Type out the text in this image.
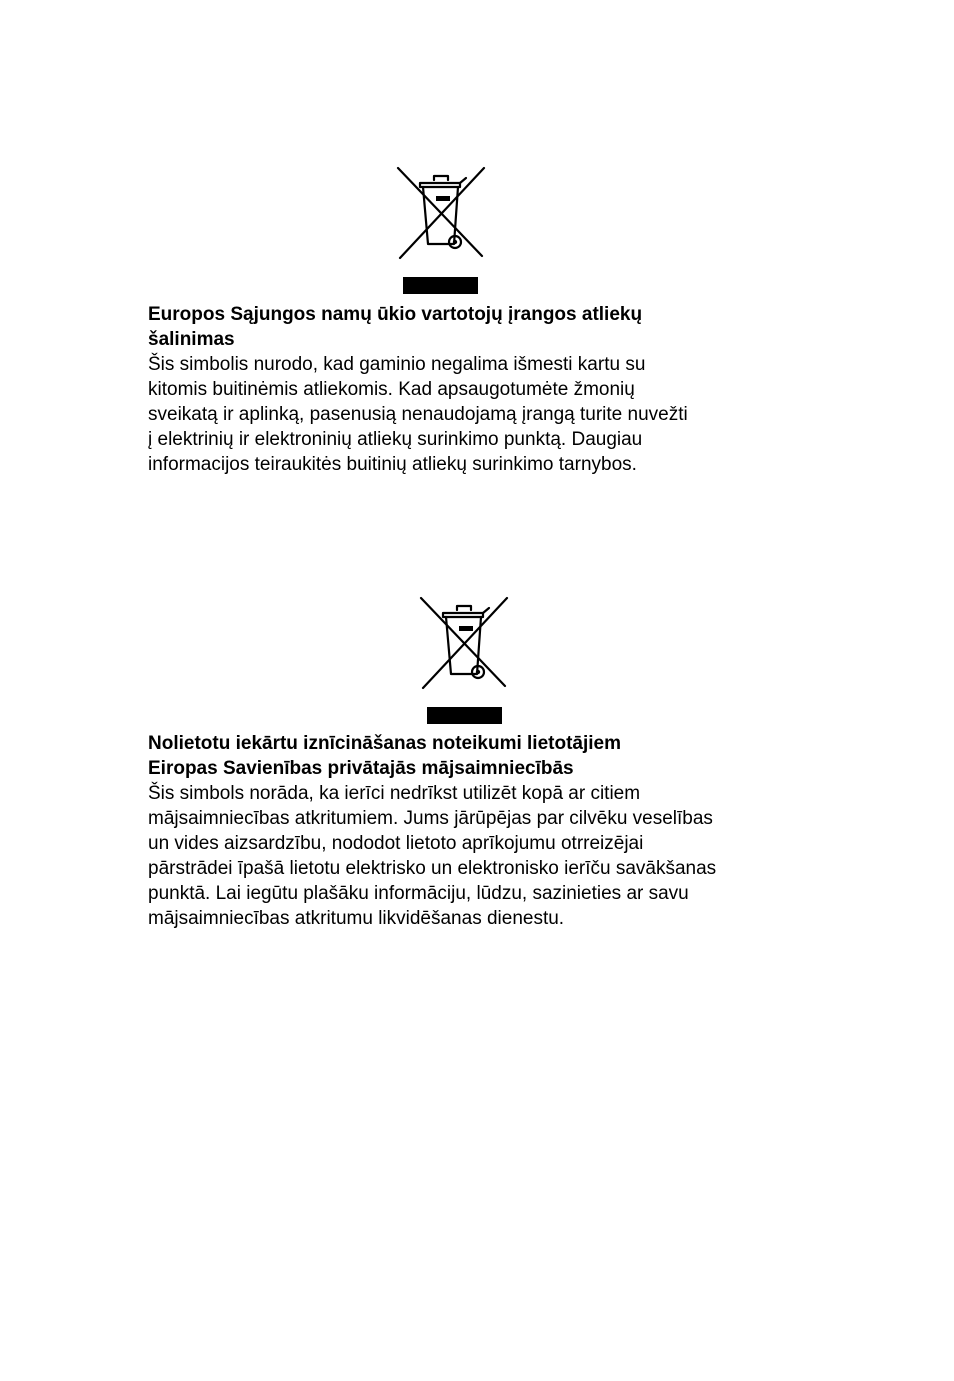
Europos Sąjungos namų ūkio vartotojų įrangos atliekų
šalinimas

Šis simbolis nurodo, kad gaminio negalima išmesti kartu su
kitomis buitinėmis atliekomis. Kad apsaugotumėte žmonių
sveikatą ir aplinką, pasenusią nenaudojamą įrangą turite nuvežti
į elektrinių ir elektroninių atliekų surinkimo punktą. Daugiau
informacijos teiraukitės buitinių atliekų surinkimo tarnybos.

Nolietotu iekārtu iznīcināšanas noteikumi lietotājiem
Eiropas Savienības privātajās mājsaimniecībās

Šis simbols norāda, ka ierīci nedrīkst utilizēt kopā ar citiem
mājsaimniecības atkritumiem. Jums jārūpējas par cilvēku veselības
un vides aizsardzību, nododot lietoto aprīkojumu otrreizējai
pārstrādei īpašā lietotu elektrisko un elektronisko ierīču savākšanas
punktā. Lai iegūtu plašāku informāciju, lūdzu, sazinieties ar savu
mājsaimniecības atkritumu likvidēšanas dienestu.
